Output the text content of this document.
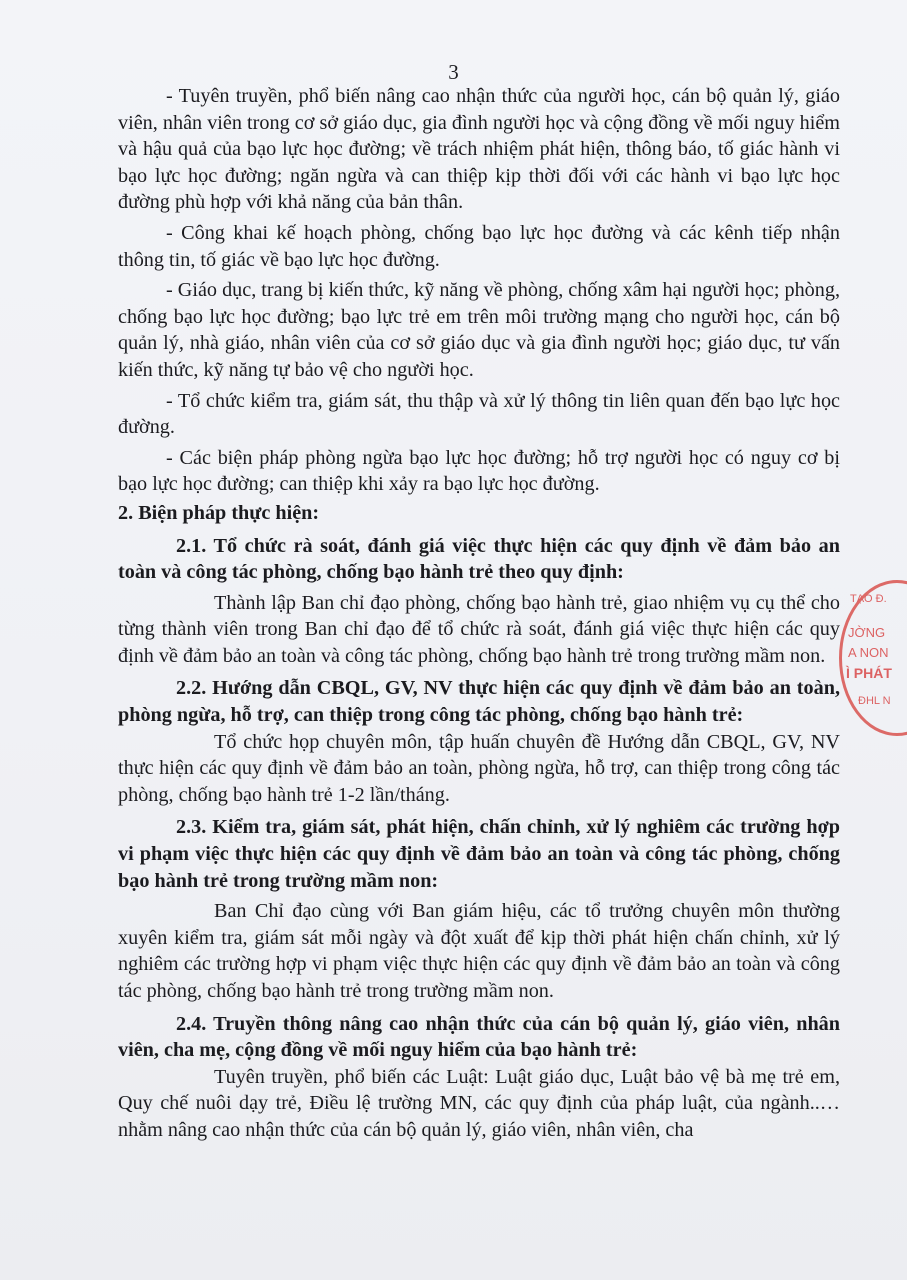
3

- Tuyên truyền, phổ biến nâng cao nhận thức của người học, cán bộ quản lý, giáo viên, nhân viên trong cơ sở giáo dục, gia đình người học và cộng đồng về mối nguy hiểm và hậu quả của bạo lực học đường; về trách nhiệm phát hiện, thông báo, tố giác hành vi bạo lực học đường; ngăn ngừa và can thiệp kịp thời đối với các hành vi bạo lực học đường phù hợp với khả năng của bản thân.

- Công khai kế hoạch phòng, chống bạo lực học đường và các kênh tiếp nhận thông tin, tố giác về bạo lực học đường.

- Giáo dục, trang bị kiến thức, kỹ năng về phòng, chống xâm hại người học; phòng, chống bạo lực học đường; bạo lực trẻ em trên môi trường mạng cho người học, cán bộ quản lý, nhà giáo, nhân viên của cơ sở giáo dục và gia đình người học; giáo dục, tư vấn kiến thức, kỹ năng tự bảo vệ cho người học.

- Tổ chức kiểm tra, giám sát, thu thập và xử lý thông tin liên quan đến bạo lực học đường.

- Các biện pháp phòng ngừa bạo lực học đường; hỗ trợ người học có nguy cơ bị bạo lực học đường; can thiệp khi xảy ra bạo lực học đường.

2. Biện pháp thực hiện:

2.1. Tổ chức rà soát, đánh giá việc thực hiện các quy định về đảm bảo an toàn và công tác phòng, chống bạo hành trẻ theo quy định:

Thành lập Ban chỉ đạo phòng, chống bạo hành trẻ, giao nhiệm vụ cụ thể cho từng thành viên trong Ban chỉ đạo để tổ chức rà soát, đánh giá việc thực hiện các quy định về đảm bảo an toàn và công tác phòng, chống bạo hành trẻ trong trường mầm non.

2.2. Hướng dẫn CBQL, GV, NV thực hiện các quy định về đảm bảo an toàn, phòng ngừa, hỗ trợ, can thiệp trong công tác phòng, chống bạo hành trẻ:

Tổ chức họp chuyên môn, tập huấn chuyên đề Hướng dẫn CBQL, GV, NV thực hiện các quy định về đảm bảo an toàn, phòng ngừa, hỗ trợ, can thiệp trong công tác phòng, chống bạo hành trẻ 1-2 lần/tháng.

2.3. Kiểm tra, giám sát, phát hiện, chấn chỉnh, xử lý nghiêm các trường hợp vi phạm việc thực hiện các quy định về đảm bảo an toàn và công tác phòng, chống bạo hành trẻ trong trường mầm non:

Ban Chỉ đạo cùng với Ban giám hiệu, các tổ trưởng chuyên môn thường xuyên kiểm tra, giám sát mỗi ngày và đột xuất để kịp thời phát hiện chấn chỉnh, xử lý nghiêm các trường hợp vi phạm việc thực hiện các quy định về đảm bảo an toàn và công tác phòng, chống bạo hành trẻ trong trường mầm non.

2.4. Truyền thông nâng cao nhận thức của cán bộ quản lý, giáo viên, nhân viên, cha mẹ, cộng đồng về mối nguy hiểm của bạo hành trẻ:

Tuyên truyền, phổ biến các Luật: Luật giáo dục, Luật bảo vệ bà mẹ trẻ em, Quy chế nuôi dạy trẻ, Điều lệ trường MN, các quy định của pháp luật, của ngành..… nhằm nâng cao nhận thức của cán bộ quản lý, giáo viên, nhân viên, cha

TẠO Đ.
JỜNG
A NON
Ì PHÁT
ĐHL N
